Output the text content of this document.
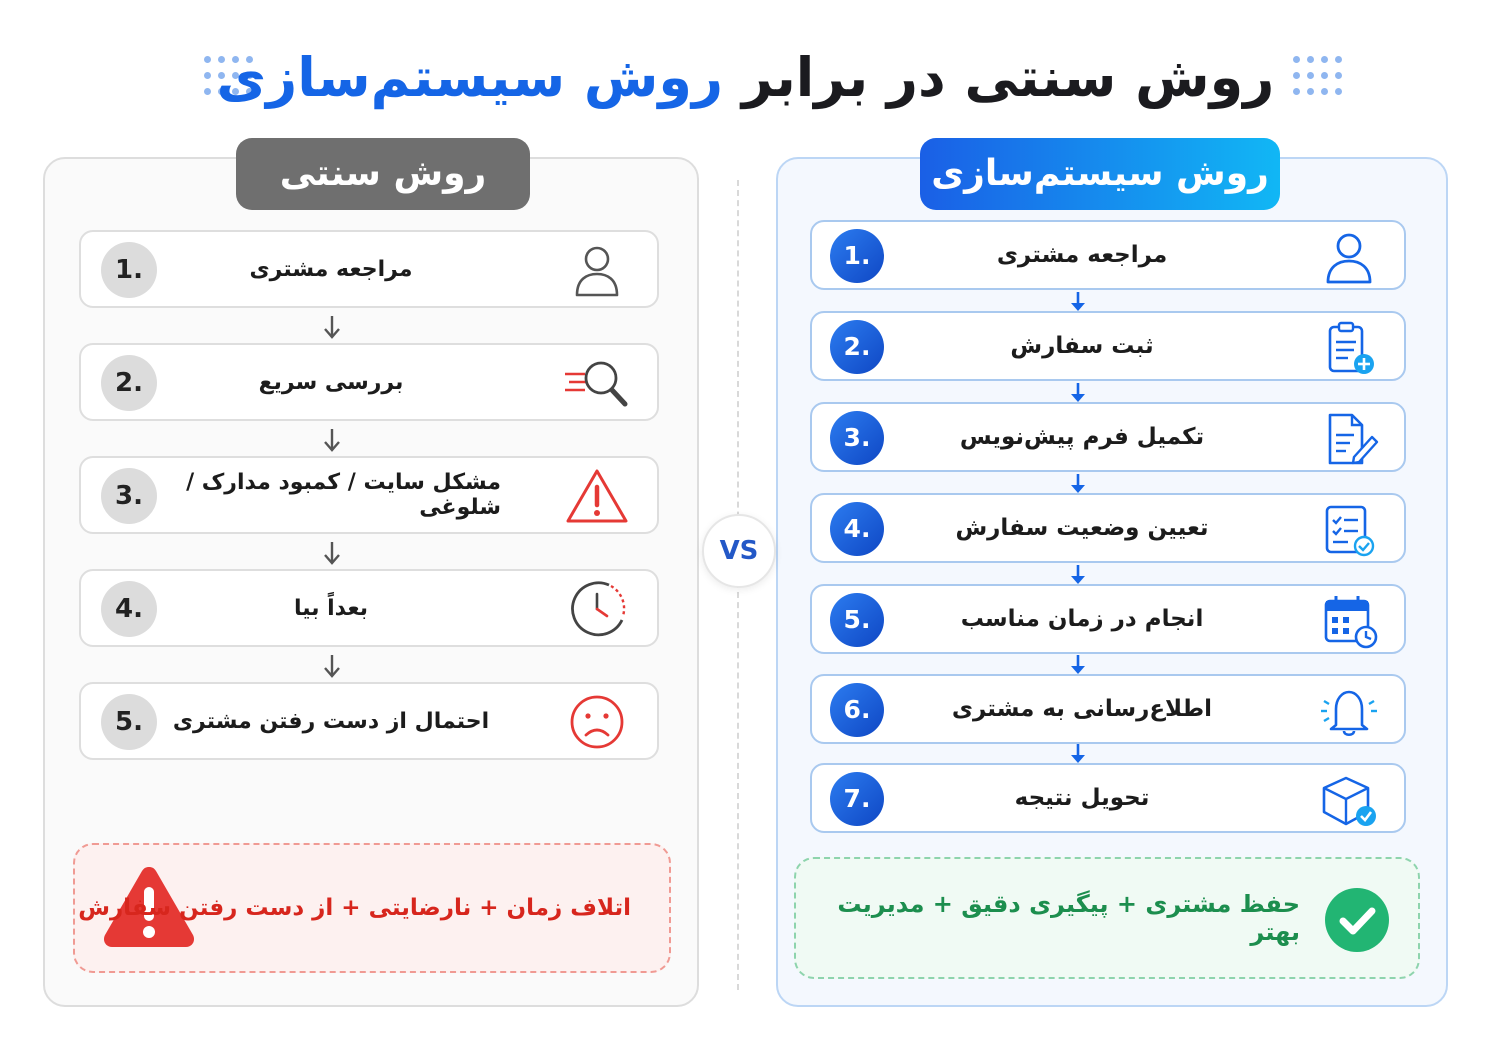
روش سنتی در برابر روش سیستم‌سازی
روش سنتی	روش سیستم‌سازی
1.	مراجعه مشتری
2.	بررسی سریع
3.	مشکل سایت / کمبود مدارک / شلوغی
4.	بعداً بیا
5.	احتمال از دست رفتن مشتری
1.	مراجعه مشتری
2.	ثبت سفارش
3.	تکمیل فرم پیش‌نویس
4.	تعیین وضعیت سفارش
5.	انجام در زمان مناسب
6.	اطلاع‌رسانی به مشتری
7.	تحویل نتیجه
VS
اتلاف زمان + نارضایتی + از دست رفتن سفارش	حفظ مشتری + پیگیری دقیق + مدیریت بهتر
